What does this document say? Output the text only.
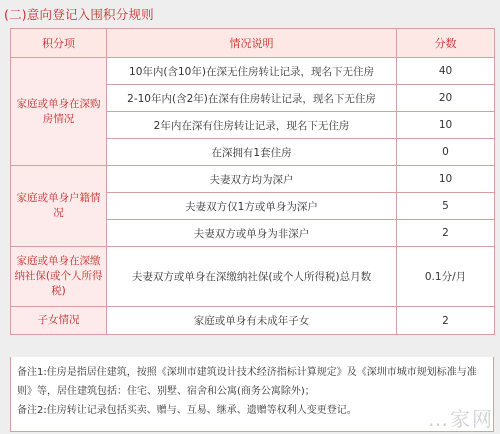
(二)意向登记入围积分规则
积分项	情况说明	分数
家庭或单身在深购房情况	10年内(含10年)在深无住房转让记录，现名下无住房	40
	2-10年内(含2年)在深有住房转让记录，现名下无住房	20
	2年内在深有住房转让记录，现名下无住房	10
	在深拥有1套住房	0
家庭或单身户籍情况	夫妻双方均为深户	10
	夫妻双方仅1方或单身为深户	5
	夫妻双方或单身为非深户	2
家庭或单身在深缴纳社保(或个人所得税)	夫妻双方或单身在深缴纳社保(或个人所得税)总月数	0.1分/月
子女情况	家庭或单身有未成年子女	2

备注1:住房是指居住建筑，按照《深圳市建筑设计技术经济指标计算规定》及《深圳市城市规划标准与准则》等，居住建筑包括：住宅、别墅、宿舍和公寓(商务公寓除外)；

备注2:住房转让记录包括买卖、赠与、互易、继承、遗赠等权利人变更登记。	…家网
